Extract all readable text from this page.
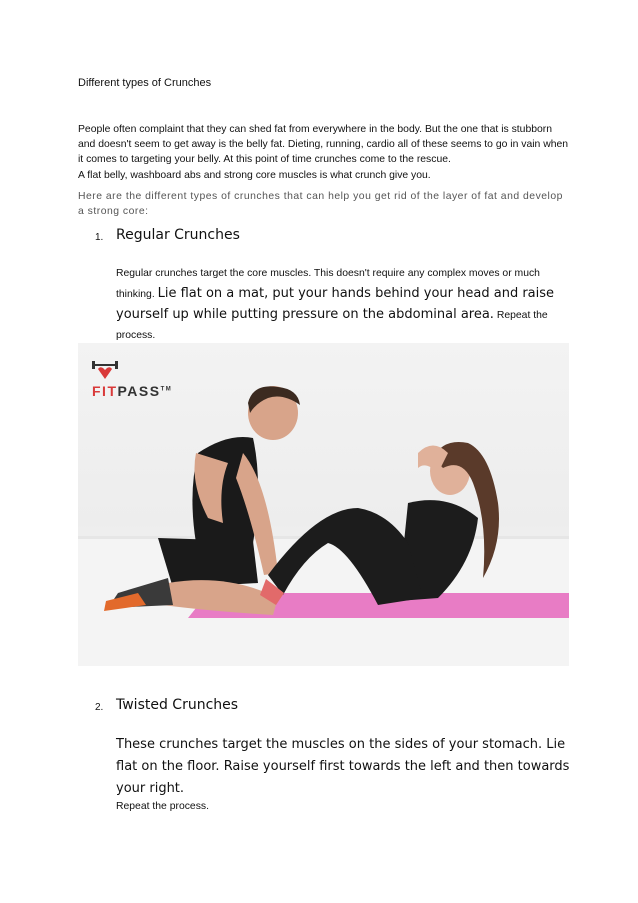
Different types of Crunches
People often complaint that they can shed fat from everywhere in the body. But the one that is stubborn and doesn't seem to get away is the belly fat. Dieting, running, cardio all of these seems to go in vain when it comes to targeting your belly. At this point of time crunches come to the rescue.
A flat belly, washboard abs and strong core muscles is what crunch give you.
Here are the different types of crunches that can help you get rid of the layer of fat and develop a strong core:
1. Regular Crunches
Regular crunches target the core muscles. This doesn't require any complex moves or much thinking. Lie flat on a mat, put your hands behind your head and raise yourself up while putting pressure on the abdominal area. Repeat the process.
FITPASS™
2. Twisted Crunches
These crunches target the muscles on the sides of your stomach. Lie flat on the floor. Raise yourself first towards the left and then towards your right.
Repeat the process.
